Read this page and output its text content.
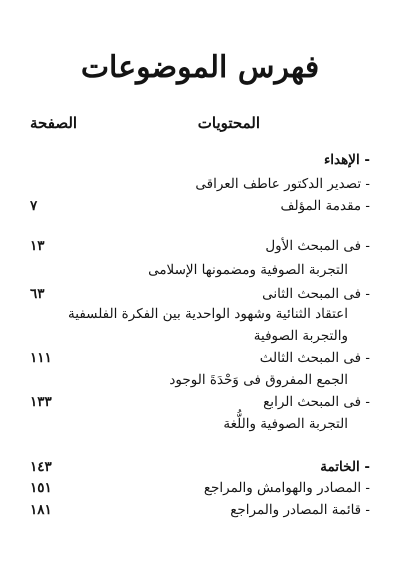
فهرس الموضوعات
المحتويات
الصفحة
- الإهداء
- تصدير الدكتور عاطف العراقى
- مقدمة المؤلف
٧
- فى المبحث الأول
١٣
التجربة الصوفية ومضمونها الإسلامى
- فى المبحث الثانى
٦٣
اعتقاد الثنائية وشهود الواحدية بين الفكرة الفلسفية
والتجربة الصوفية
- فى المبحث الثالث
١١١
الجمع المفروق فى وَحْدَةَ الوجود
- فى المبحث الرابع
١٣٣
التجربة الصوفية واللُّغة
- الخاتمة
١٤٣
- المصادر والهوامش والمراجع
١٥١
- قائمة المصادر والمراجع
١٨١
